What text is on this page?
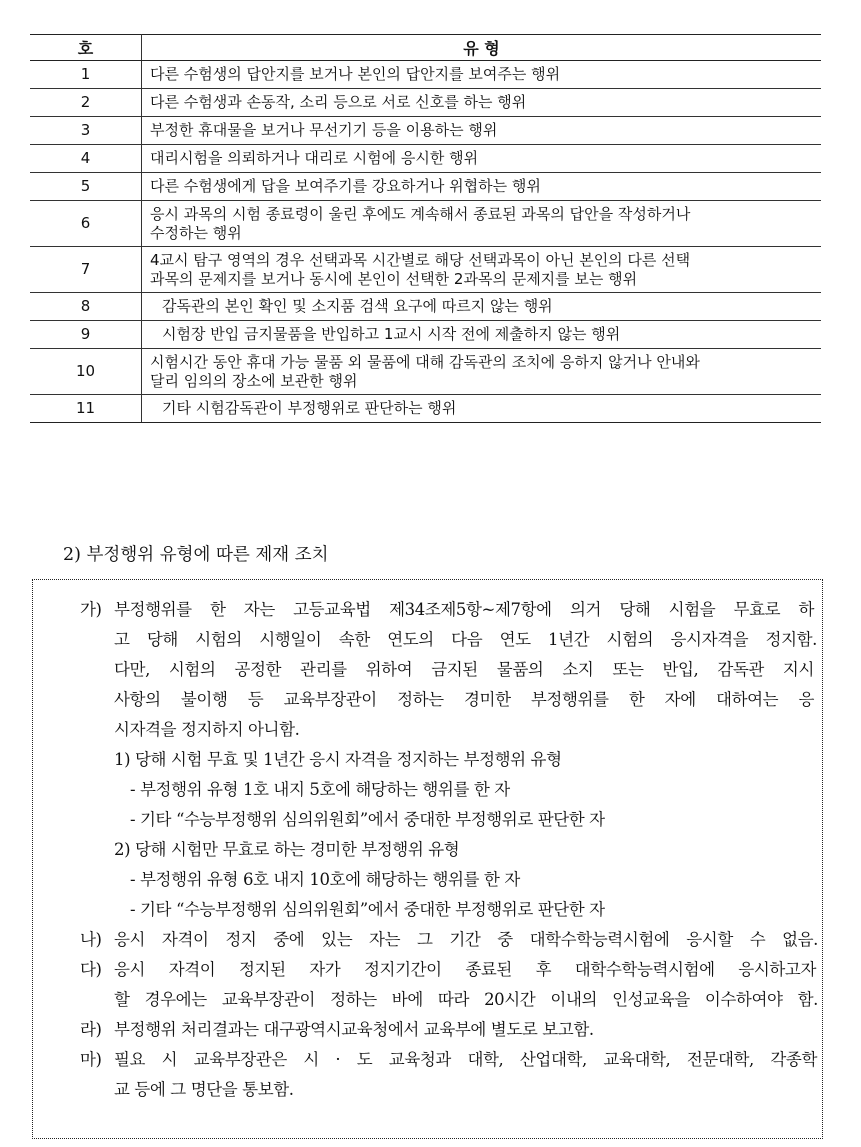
호	유 형
1	다른 수험생의 답안지를 보거나 본인의 답안지를 보여주는 행위
2	다른 수험생과 손동작, 소리 등으로 서로 신호를 하는 행위
3	부정한 휴대물을 보거나 무선기기 등을 이용하는 행위
4	대리시험을 의뢰하거나 대리로 시험에 응시한 행위
5	다른 수험생에게 답을 보여주기를 강요하거나 위협하는 행위
6	응시 과목의 시험 종료령이 울린 후에도 계속해서 종료된 과목의 답안을 작성하거나
수정하는 행위

7	4교시 탐구 영역의 경우 선택과목 시간별로 해당 선택과목이 아닌 본인의 다른 선택
과목의 문제지를 보거나 동시에 본인이 선택한 2과목의 문제지를 보는 행위

8	감독관의 본인 확인 및 소지품 검색 요구에 따르지 않는 행위
9	시험장 반입 금지물품을 반입하고 1교시 시작 전에 제출하지 않는 행위
10	시험시간 동안 휴대 가능 물품 외 물품에 대해 감독관의 조치에 응하지 않거나 안내와
달리 임의의 장소에 보관한 행위

11	기타 시험감독관이 부정행위로 판단하는 행위
2) 부정행위 유형에 따른 제재 조치
가) 부정행위를 한 자는 고등교육법 제34조제5항~제7항에 의거 당해 시험을 무효로 하
고 당해 시험의 시행일이 속한 연도의 다음 연도 1년간 시험의 응시자격을 정지함.
다만, 시험의 공정한 관리를 위하여 금지된 물품의 소지 또는 반입, 감독관 지시
사항의 불이행 등 교육부장관이 정하는 경미한 부정행위를 한 자에 대하여는 응
시자격을 정지하지 아니함.
1) 당해 시험 무효 및 1년간 응시 자격을 정지하는 부정행위 유형
- 부정행위 유형 1호 내지 5호에 해당하는 행위를 한 자
- 기타 “수능부정행위 심의위원회”에서 중대한 부정행위로 판단한 자
2) 당해 시험만 무효로 하는 경미한 부정행위 유형
- 부정행위 유형 6호 내지 10호에 해당하는 행위를 한 자
- 기타 “수능부정행위 심의위원회”에서 중대한 부정행위로 판단한 자
나) 응시 자격이 정지 중에 있는 자는 그 기간 중 대학수학능력시험에 응시할 수 없음.
다) 응시 자격이 정지된 자가 정지기간이 종료된 후 대학수학능력시험에 응시하고자
할 경우에는 교육부장관이 정하는 바에 따라 20시간 이내의 인성교육을 이수하여야 함.
라) 부정행위 처리결과는 대구광역시교육청에서 교육부에 별도로 보고함.
마) 필요 시 교육부장관은 시 · 도 교육청과 대학, 산업대학, 교육대학, 전문대학, 각종학
교 등에 그 명단을 통보함.
